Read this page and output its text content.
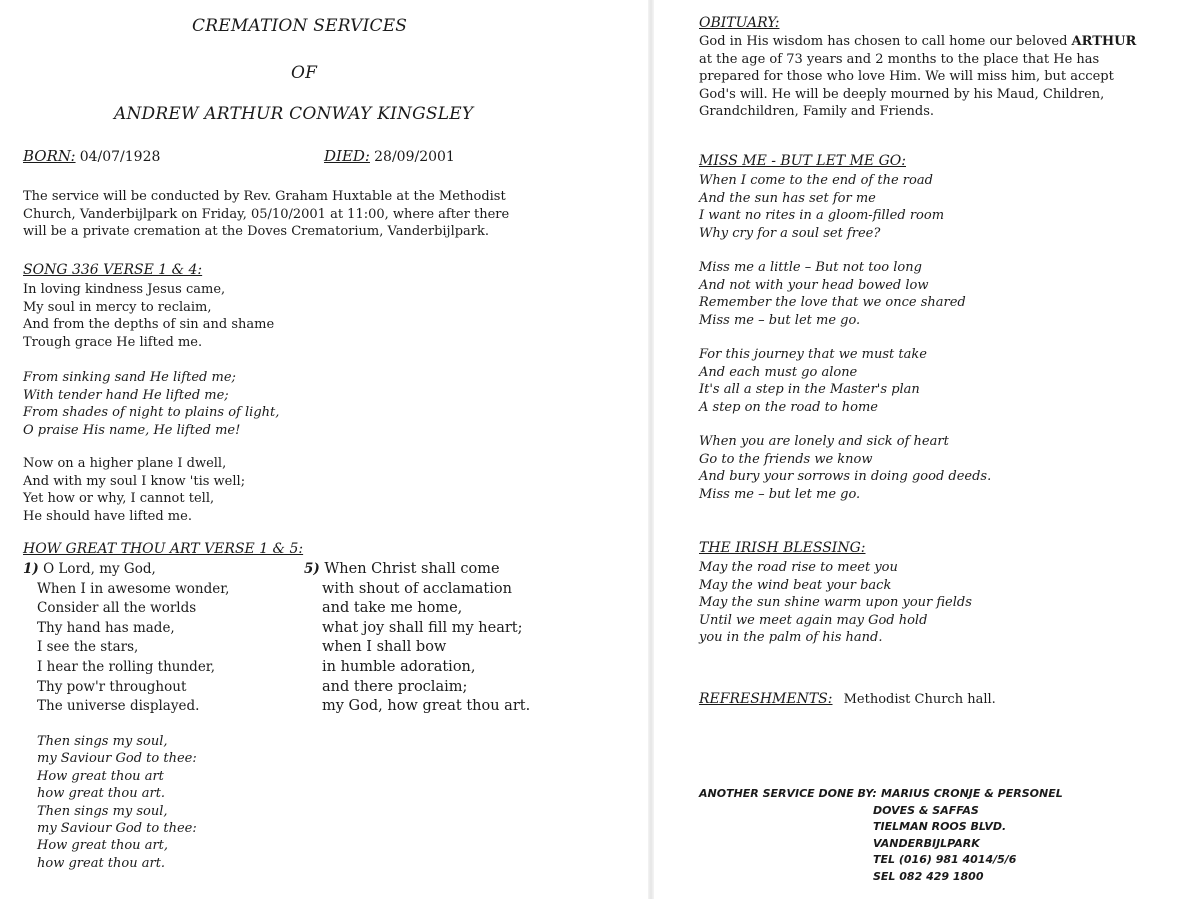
CREMATION SERVICES
OF
ANDREW ARTHUR CONWAY KINGSLEY
BORN: 04/07/1928	DIED: 28/09/2001
The service will be conducted by Rev. Graham Huxtable at the Methodist
Church, Vanderbijlpark on Friday, 05/10/2001 at 11:00, where after there
will be a private cremation at the Doves Crematorium, Vanderbijlpark.
SONG 336 VERSE 1 & 4:
In loving kindness Jesus came,
My soul in mercy to reclaim,
And from the depths of sin and shame
Trough grace He lifted me.
From sinking sand He lifted me;
With tender hand He lifted me;
From shades of night to plains of light,
O praise His name, He lifted me!
Now on a higher plane I dwell,
And with my soul I know 'tis well;
Yet how or why, I cannot tell,
He should have lifted me.
HOW GREAT THOU ART VERSE 1 & 5:
1) O Lord, my God,
When I in awesome wonder,
Consider all the worlds
Thy hand has made,
I see the stars,
I hear the rolling thunder,
Thy pow'r throughout
The universe displayed.
5) When Christ shall come
with shout of acclamation
and take me home,
what joy shall fill my heart;
when I shall bow
in humble adoration,
and there proclaim;
my God, how great thou art.
Then sings my soul,
my Saviour God to thee:
How great thou art
how great thou art.
Then sings my soul,
my Saviour God to thee:
How great thou art,
how great thou art.
OBITUARY:
God in His wisdom has chosen to call home our beloved ARTHUR
at the age of 73 years and 2 months to the place that He has
prepared for those who love Him. We will miss him, but accept
God's will. He will be deeply mourned by his Maud, Children,
Grandchildren, Family and Friends.
MISS ME - BUT LET ME GO:
When I come to the end of the road
And the sun has set for me
I want no rites in a gloom-filled room
Why cry for a soul set free?
Miss me a little – But not too long
And not with your head bowed low
Remember the love that we once shared
Miss me – but let me go.
For this journey that we must take
And each must go alone
It's all a step in the Master's plan
A step on the road to home
When you are lonely and sick of heart
Go to the friends we know
And bury your sorrows in doing good deeds.
Miss me – but let me go.
THE IRISH BLESSING:
May the road rise to meet you
May the wind beat your back
May the sun shine warm upon your fields
Until we meet again may God hold
you in the palm of his hand.
REFRESHMENTS: Methodist Church hall.
ANOTHER SERVICE DONE BY: MARIUS CRONJE & PERSONEL
DOVES & SAFFAS
TIELMAN ROOS BLVD.
VANDERBIJLPARK
TEL (016) 981 4014/5/6
SEL 082 429 1800
